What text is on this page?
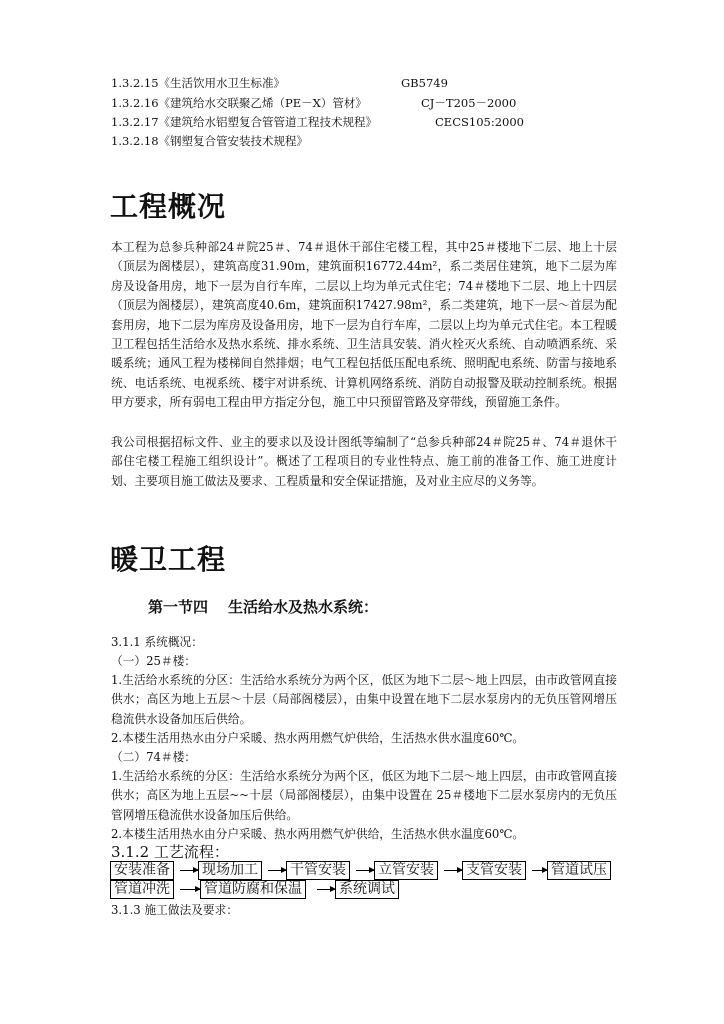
1.3.2.15《生活饮用水卫生标准》	GB5749
1.3.2.16《建筑给水交联聚乙烯（PE－X）管材》	CJ－T205－2000
1.3.2.17《建筑给水铝塑复合管管道工程技术规程》	CECS105:2000
1.3.2.18《钢塑复合管安装技术规程》
工程概况

本工程为总参兵种部24＃院25＃、74＃退休干部住宅楼工程，其中25＃楼地下二层、地上十层（顶层为阁楼层），建筑高度31.90m，建筑面积16772.44m²，系二类居住建筑，地下二层为库房及设备用房，地下一层为自行车库，二层以上均为单元式住宅；74＃楼地下二层、地上十四层（顶层为阁楼层），建筑高度40.6m，建筑面积17427.98m²，系二类建筑，地下一层～首层为配套用房，地下二层为库房及设备用房，地下一层为自行车库，二层以上均为单元式住宅。本工程暖卫工程包括生活给水及热水系统、排水系统、卫生洁具安装、消火栓灭火系统、自动喷洒系统、采暖系统；通风工程为楼梯间自然排烟；电气工程包括低压配电系统、照明配电系统、防雷与接地系统、电话系统、电视系统、楼宇对讲系统、计算机网络系统、消防自动报警及联动控制系统。根据甲方要求，所有弱电工程由甲方指定分包，施工中只预留管路及穿带线，预留施工条件。

我公司根据招标文件、业主的要求以及设计图纸等编制了“总参兵种部24＃院25＃、74＃退休干部住宅楼工程施工组织设计”。概述了工程项目的专业性特点、施工前的准备工作、施工进度计划、主要项目施工做法及要求、工程质量和安全保证措施，及对业主应尽的义务等。

暖卫工程
第一节四 生活给水及热水系统：
3.1.1 系统概况：
（一）25＃楼：

1.生活给水系统的分区：生活给水系统分为两个区，低区为地下二层～地上四层，由市政管网直接供水；高区为地上五层～十层（局部阁楼层），由集中设置在地下二层水泵房内的无负压管网增压稳流供水设备加压后供给。

2.本楼生活用热水由分户采暖、热水两用燃气炉供给，生活热水供水温度60℃。
（二）74＃楼：

1.生活给水系统的分区：生活给水系统分为两个区，低区为地下二层～地上四层，由市政管网直接供水；高区为地上五层~~十层（局部阁楼层），由集中设置在 25＃楼地下二层水泵房内的无负压管网增压稳流供水设备加压后供给。

2.本楼生活用热水由分户采暖、热水两用燃气炉供给，生活热水供水温度60℃。
3.1.2 工艺流程：
安装准备 现场加工 干管安装 立管安装 支管安装 管道试压
管道冲洗 管道防腐和保温	系统调试
3.1.3 施工做法及要求：
